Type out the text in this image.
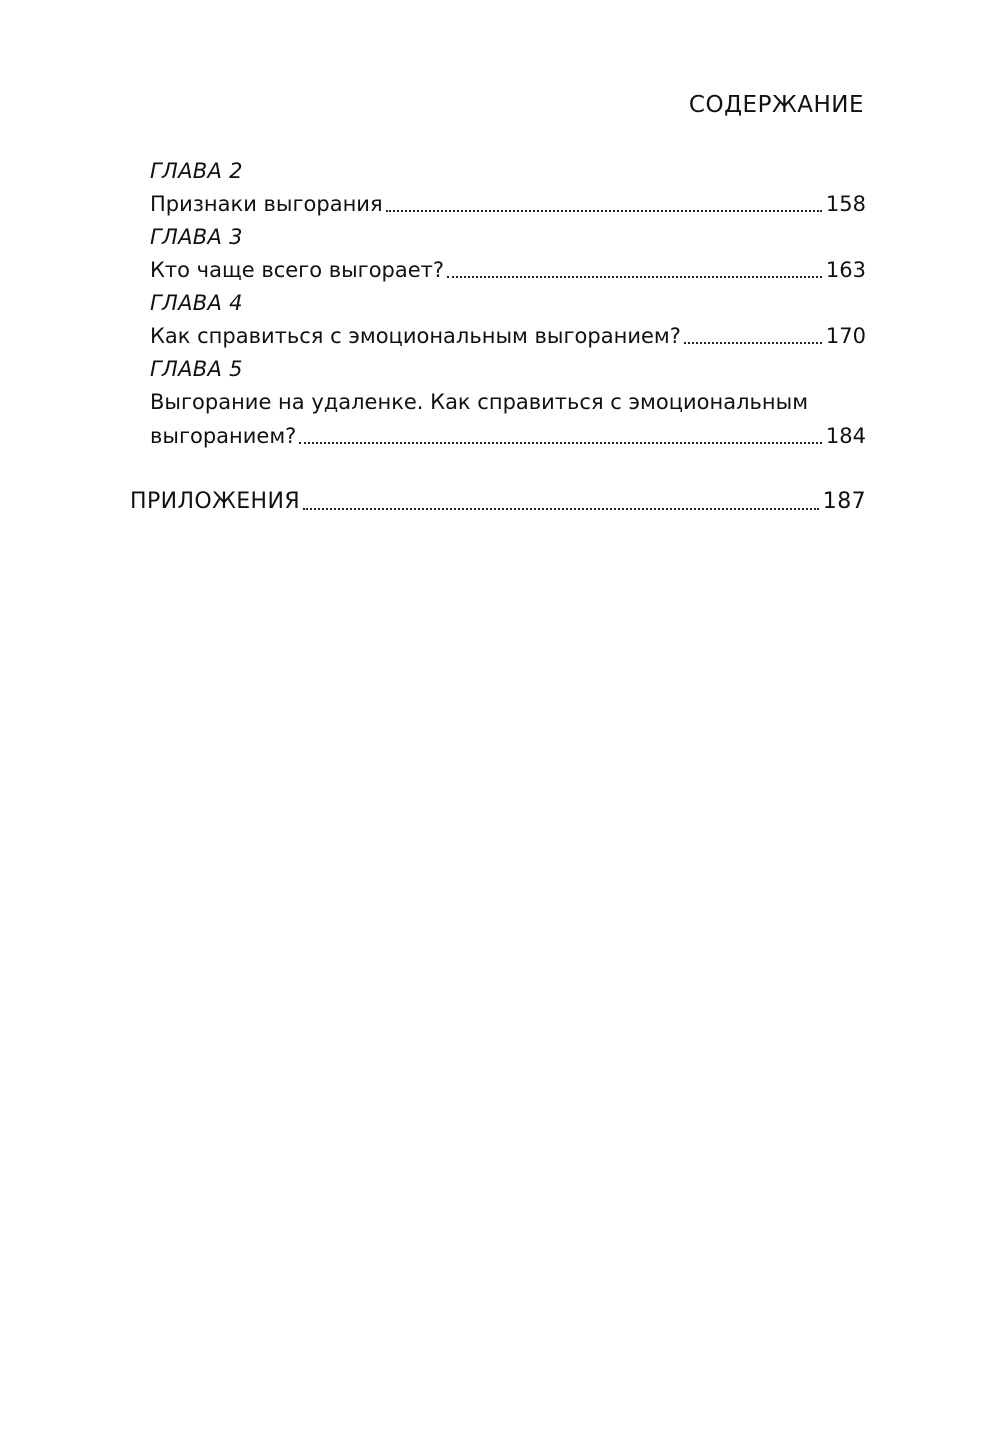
СОДЕРЖАНИЕ
ГЛАВА 2
Признаки выгорания	158
ГЛАВА 3
Кто чаще всего выгорает?	163
ГЛАВА 4
Как справиться с эмоциональным выгоранием?	170
ГЛАВА 5
Выгорание на удаленке. Как справиться с эмоциональным
выгоранием?	184
ПРИЛОЖЕНИЯ	187
